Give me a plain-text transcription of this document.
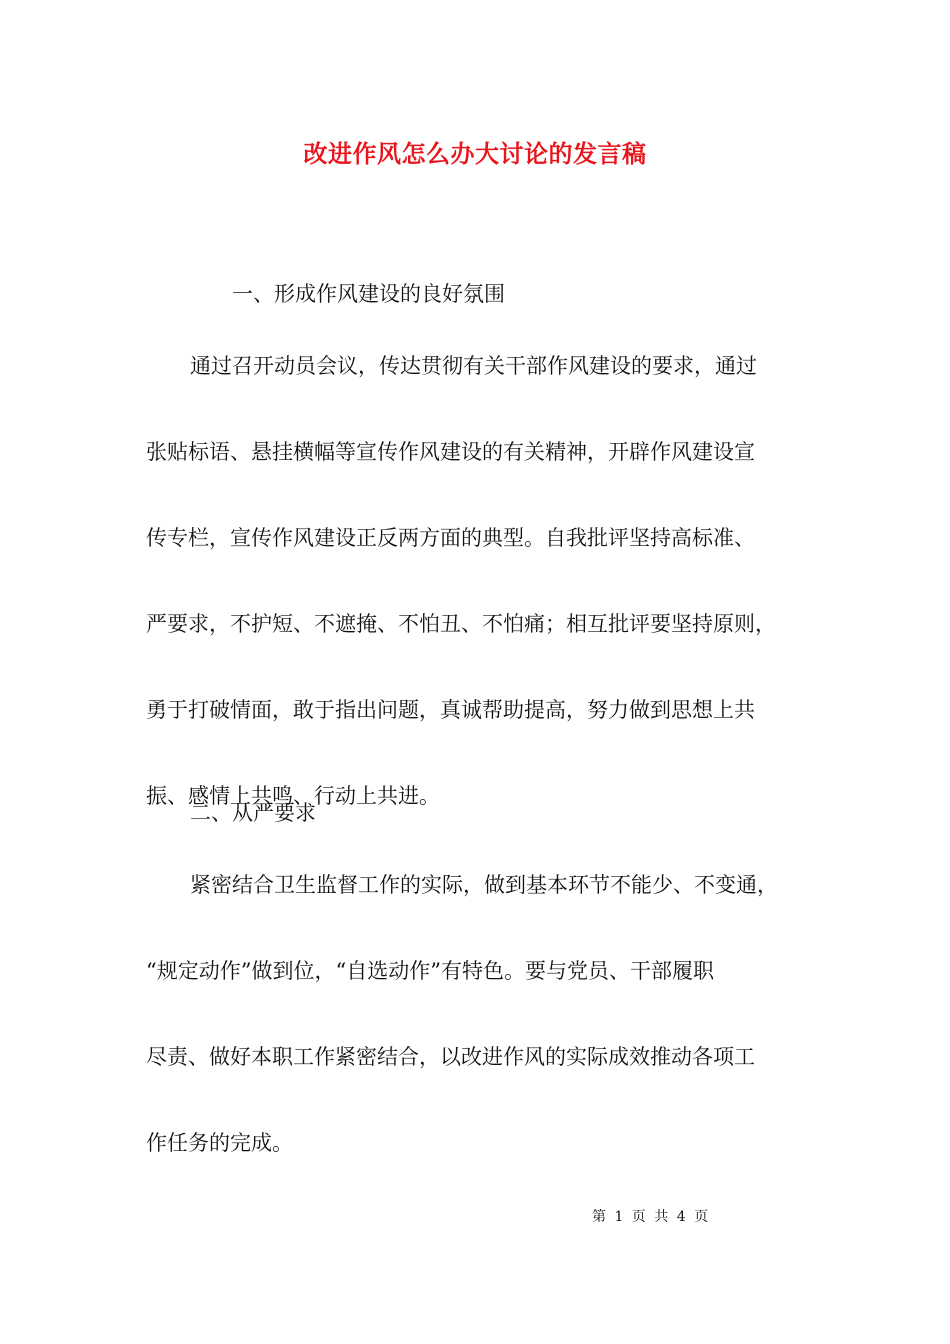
改进作风怎么办大讨论的发言稿
一、形成作风建设的良好氛围
通过召开动员会议，传达贯彻有关干部作风建设的要求，通过
张贴标语、悬挂横幅等宣传作风建设的有关精神，开辟作风建设宣
传专栏，宣传作风建设正反两方面的典型。自我批评坚持高标准、
严要求，不护短、不遮掩、不怕丑、不怕痛；相互批评要坚持原则，
勇于打破情面，敢于指出问题，真诚帮助提高，努力做到思想上共
振、感情上共鸣、行动上共进。
二、从严要求
紧密结合卫生监督工作的实际，做到基本环节不能少、不变通，
“规定动作”做到位，“自选动作”有特色。要与党员、干部履职
尽责、做好本职工作紧密结合，以改进作风的实际成效推动各项工
作任务的完成。
第 1 页 共 4 页
